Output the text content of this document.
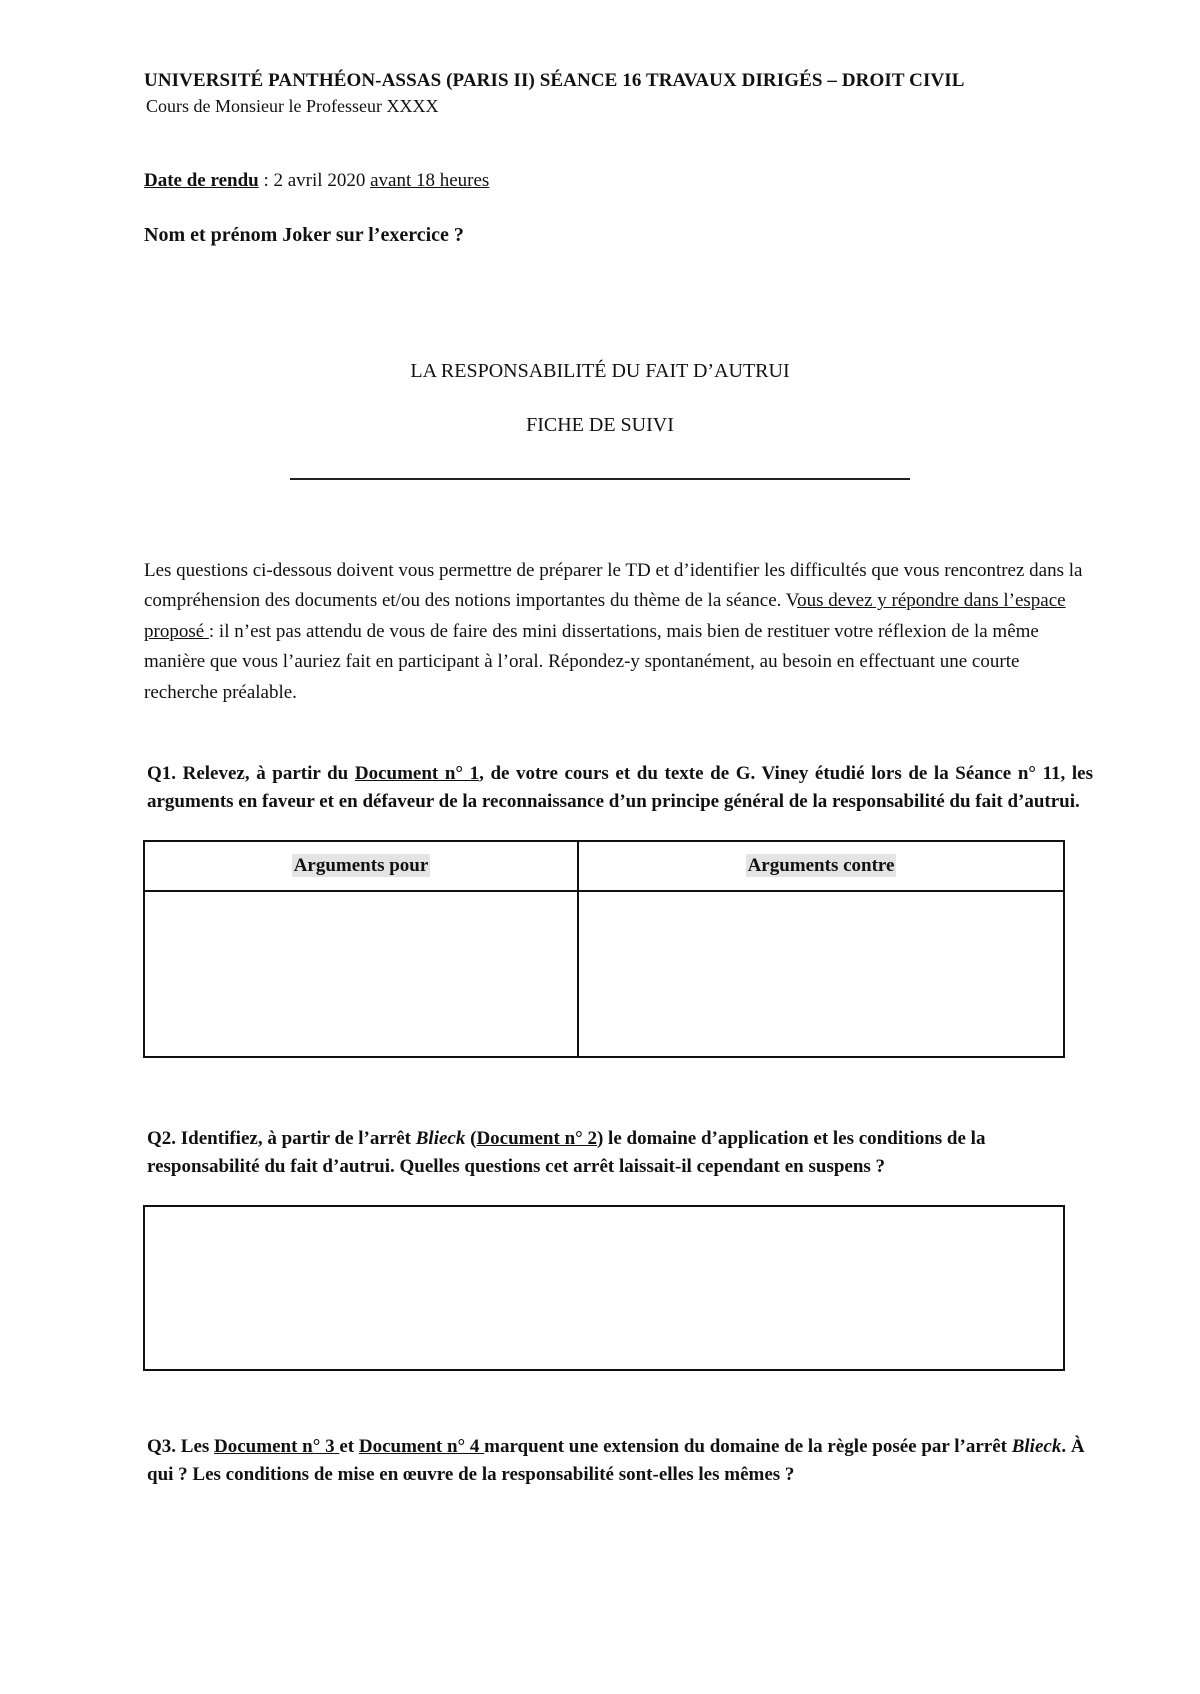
UNIVERSITÉ PANTHÉON-ASSAS (PARIS II) SÉANCE 16 TRAVAUX DIRIGÉS – DROIT CIVIL
Cours de Monsieur le Professeur XXXX
Date de rendu : 2 avril 2020 avant 18 heures
Nom et prénom Joker sur l’exercice ?
LA RESPONSABILITÉ DU FAIT D’AUTRUI
FICHE DE SUIVI
Les questions ci-dessous doivent vous permettre de préparer le TD et d’identifier les difficultés que vous rencontrez dans la compréhension des documents et/ou des notions importantes du thème de la séance. Vous devez y répondre dans l’espace proposé : il n’est pas attendu de vous de faire des mini dissertations, mais bien de restituer votre réflexion de la même manière que vous l’auriez fait en participant à l’oral. Répondez-y spontanément, au besoin en effectuant une courte recherche préalable.
Q1. Relevez, à partir du Document n° 1, de votre cours et du texte de G. Viney étudié lors de la Séance n° 11, les arguments en faveur et en défaveur de la reconnaissance d’un principe général de la responsabilité du fait d’autrui.
Arguments pour	Arguments contre

Q2. Identifiez, à partir de l’arrêt Blieck (Document n° 2) le domaine d’application et les conditions de la responsabilité du fait d’autrui. Quelles questions cet arrêt laissait-il cependant en suspens ?
Q3. Les Document n° 3 et Document n° 4 marquent une extension du domaine de la règle posée par l’arrêt Blieck. À qui ? Les conditions de mise en œuvre de la responsabilité sont-elles les mêmes ?
